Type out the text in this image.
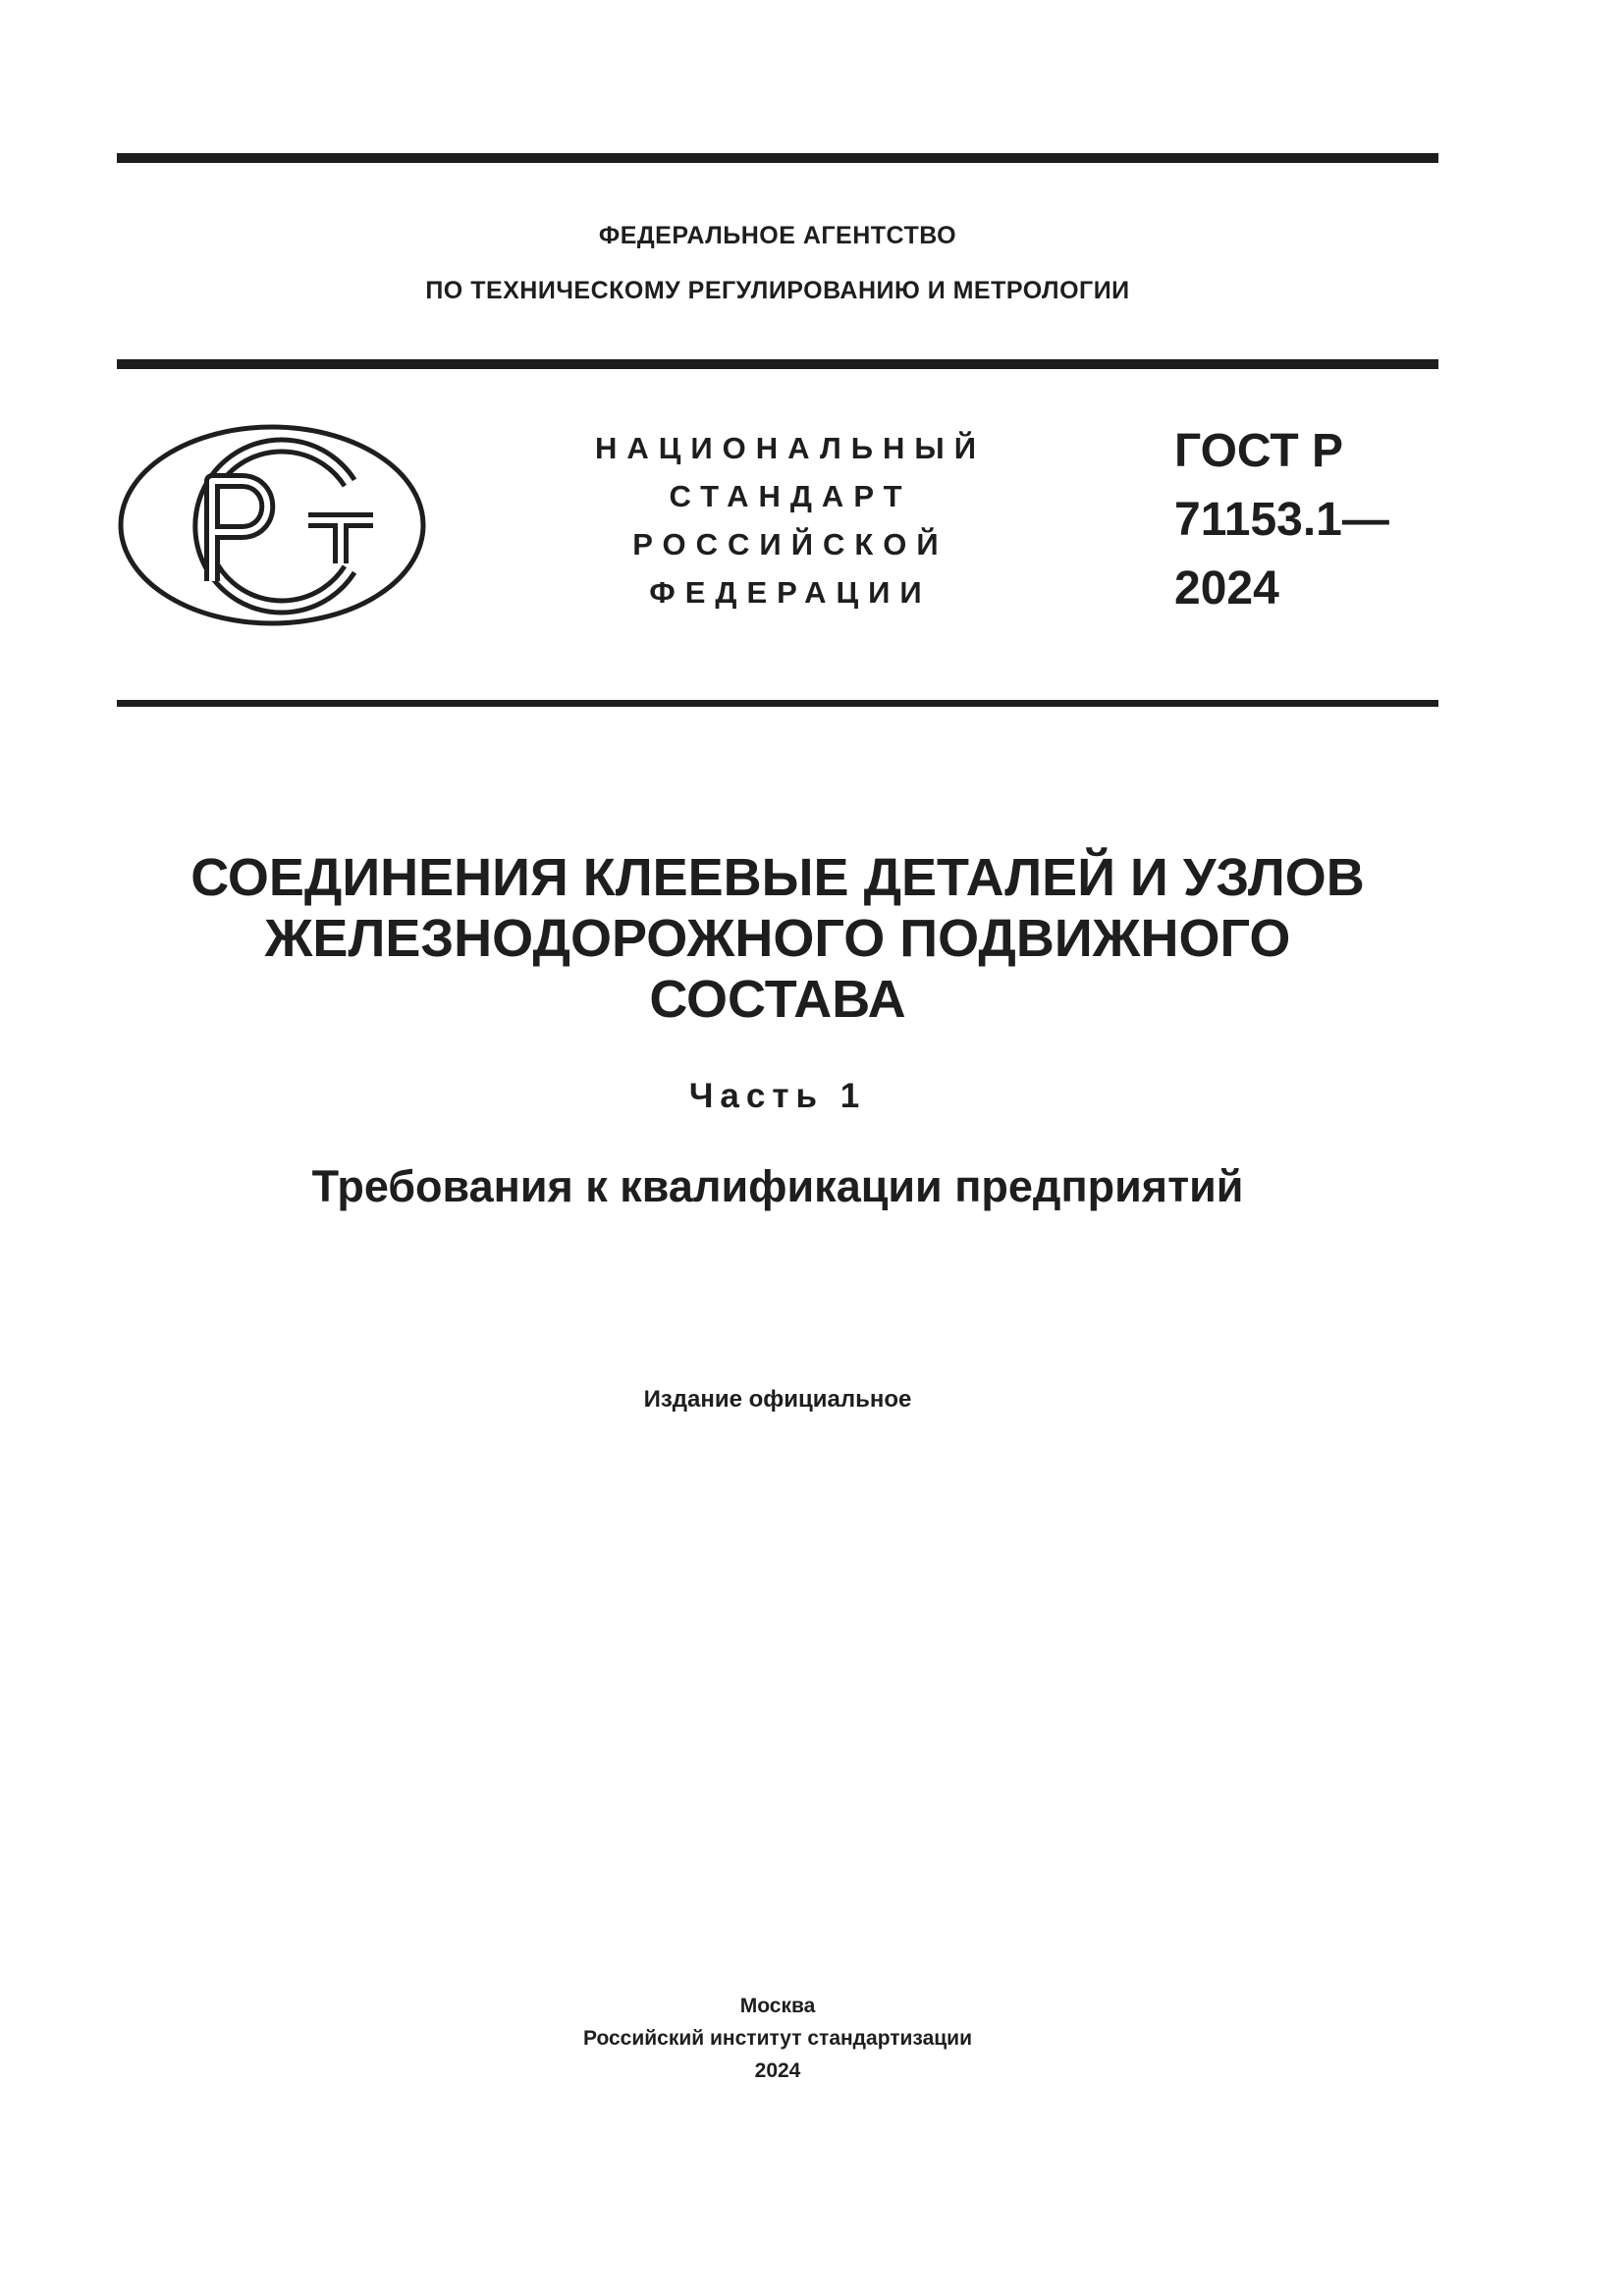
ФЕДЕРАЛЬНОЕ АГЕНТСТВО
ПО ТЕХНИЧЕСКОМУ РЕГУЛИРОВАНИЮ И МЕТРОЛОГИИ
НАЦИОНАЛЬНЫЙ
СТАНДАРТ
РОССИЙСКОЙ
ФЕДЕРАЦИИ
ГОСТ Р
71153.1—
2024
СОЕДИНЕНИЯ КЛЕЕВЫЕ ДЕТАЛЕЙ И УЗЛОВ
ЖЕЛЕЗНОДОРОЖНОГО ПОДВИЖНОГО
СОСТАВА
Часть 1
Требования к квалификации предприятий
Издание официальное
Москва
Российский институт стандартизации
2024
